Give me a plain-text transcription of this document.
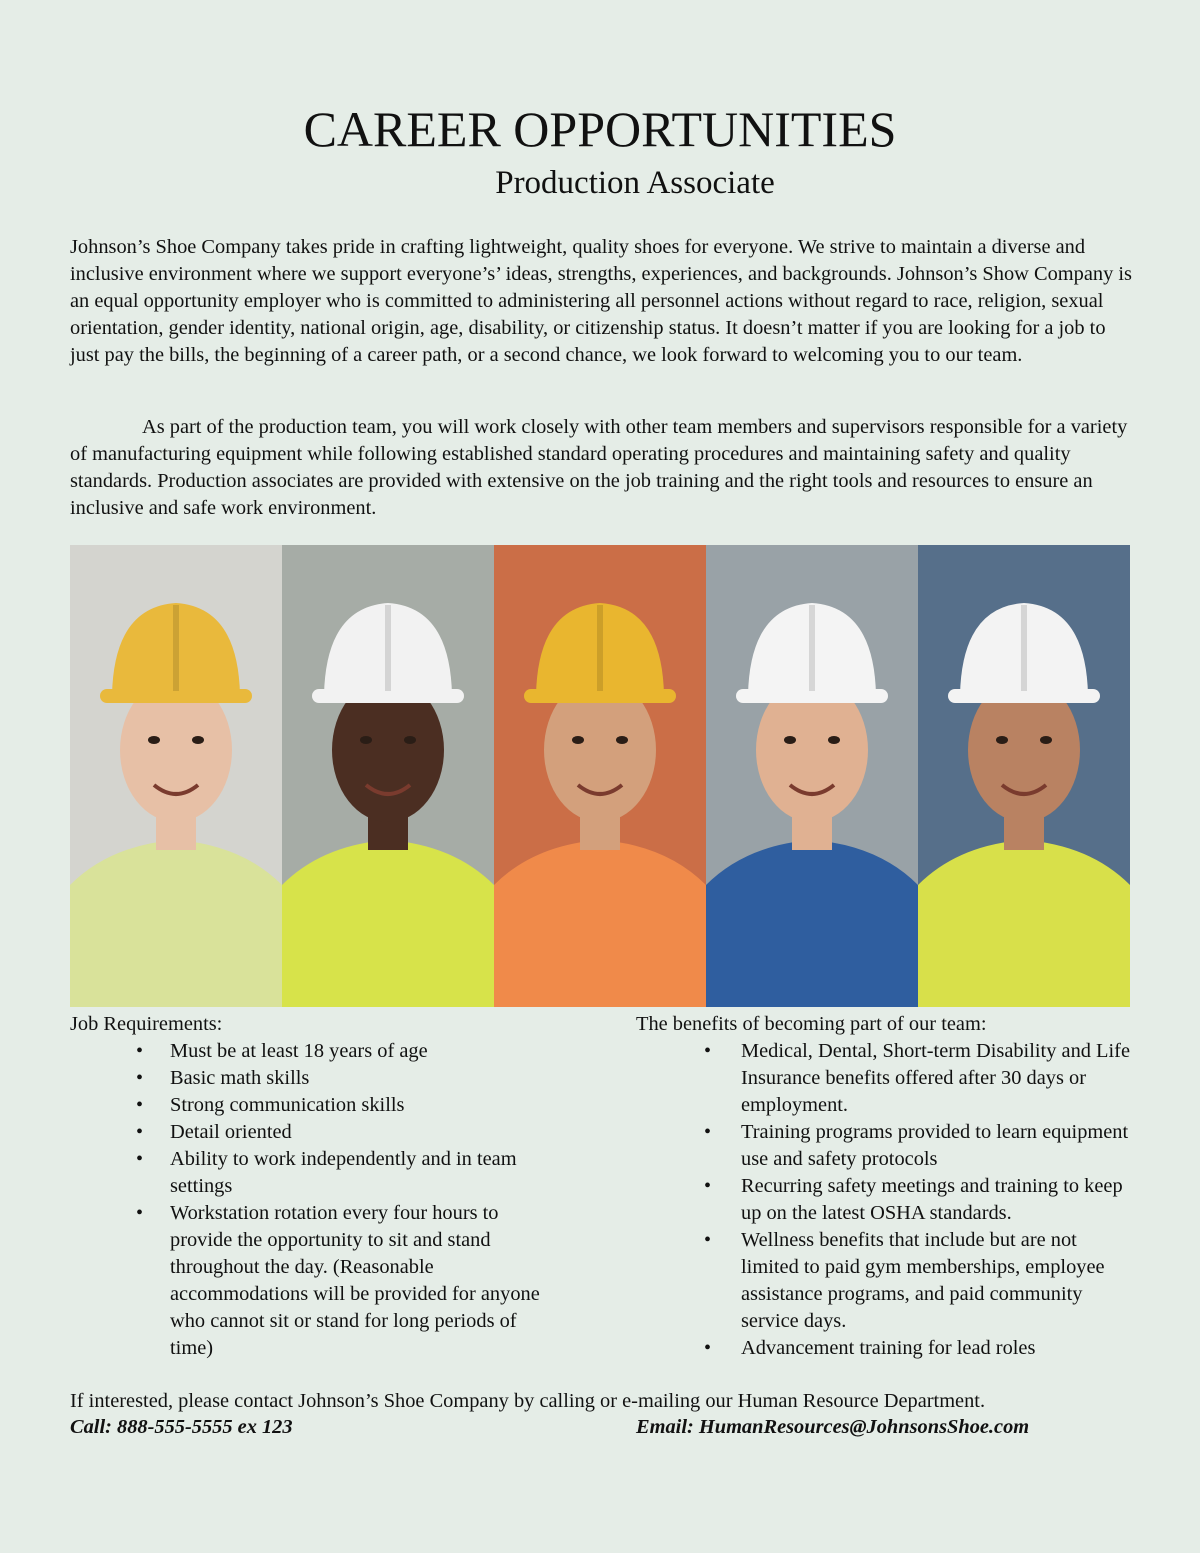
CAREER OPPORTUNITIES
Production Associate

Johnson’s Shoe Company takes pride in crafting lightweight, quality shoes for everyone. We strive to maintain a diverse and inclusive environment where we support everyone’s’ ideas, strengths, experiences, and backgrounds. Johnson’s Show Company is an equal opportunity employer who is committed to administering all personnel actions without regard to race, religion, sexual orientation, gender identity, national origin, age, disability, or citizenship status. It doesn’t matter if you are looking for a job to just pay the bills, the beginning of a career path, or a second chance, we look forward to welcoming you to our team.

As part of the production team, you will work closely with other team members and supervisors responsible for a variety of manufacturing equipment while following established standard operating procedures and maintaining safety and quality standards. Production associates are provided with extensive on the job training and the right tools and resources to ensure an inclusive and safe work environment.

Job Requirements:

• Must be at least 18 years of age
• Basic math skills
• Strong communication skills
• Detail oriented
• Ability to work independently and in team settings
• Workstation rotation every four hours to provide the opportunity to sit and stand throughout the day. (Reasonable accommodations will be provided for anyone who cannot sit or stand for long periods of time)

The benefits of becoming part of our team:

• Medical, Dental, Short-term Disability and Life Insurance benefits offered after 30 days or employment.
• Training programs provided to learn equipment use and safety protocols
• Recurring safety meetings and training to keep up on the latest OSHA standards.
• Wellness benefits that include but are not limited to paid gym memberships, employee assistance programs, and paid community service days.
• Advancement training for lead roles

If interested, please contact Johnson’s Shoe Company by calling or e-mailing our Human Resource Department.

Call: 888-555-5555 ex 123	Email: HumanResources@JohnsonsShoe.com
